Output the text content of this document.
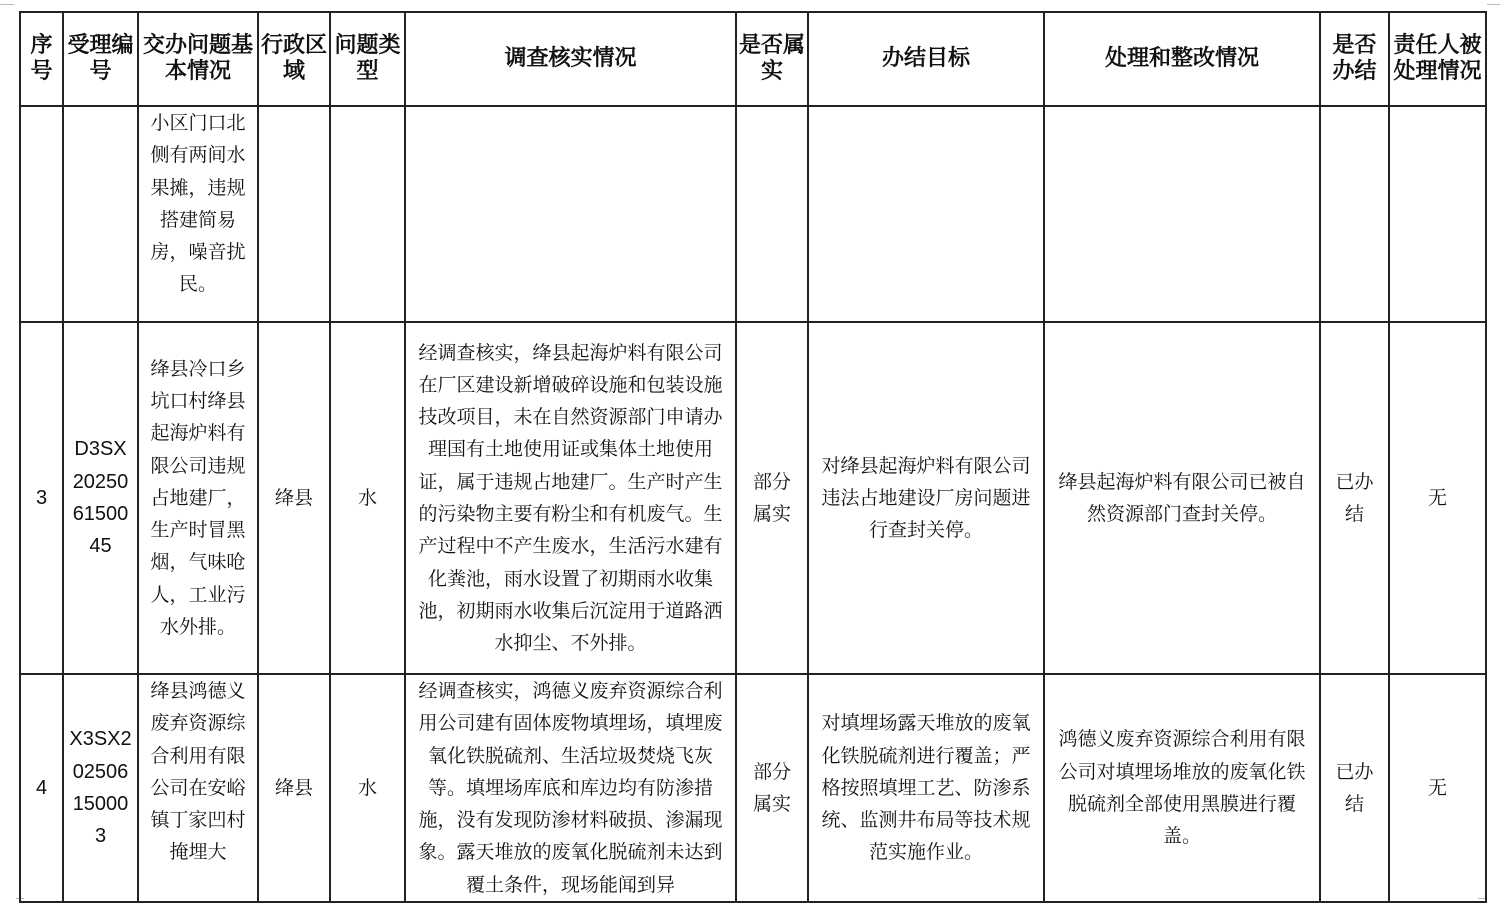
序号	受理编号	交办问题基本情况	行政区域	问题类型	调查核实情况	是否属实	办结目标	处理和整改情况	是否办结	责任人被处理情况
		小区门口北侧有两间水果摊，违规搭建简易房，噪音扰民。								
3	D3SX202506150045	绛县冷口乡坑口村绛县起海炉料有限公司违规占地建厂，生产时冒黑烟，气味呛人，工业污水外排。	绛县	水	经调查核实，绛县起海炉料有限公司在厂区建设新增破碎设施和包装设施技改项目，未在自然资源部门申请办理国有土地使用证或集体土地使用证，属于违规占地建厂。生产时产生的污染物主要有粉尘和有机废气。生产过程中不产生废水，生活污水建有化粪池，雨水设置了初期雨水收集池，初期雨水收集后沉淀用于道路洒水抑尘、不外排。	部分属实	对绛县起海炉料有限公司违法占地建设厂房问题进行查封关停。	绛县起海炉料有限公司已被自然资源部门查封关停。	已办结	无
4	X3SX202506150003	绛县鸿德义废弃资源综合利用有限公司在安峪镇丁家凹村掩埋大	绛县	水	经调查核实，鸿德义废弃资源综合利用公司建有固体废物填埋场，填埋废氧化铁脱硫剂、生活垃圾焚烧飞灰等。填埋场库底和库边均有防渗措施，没有发现防渗材料破损、渗漏现象。露天堆放的废氧化脱硫剂未达到覆土条件，现场能闻到异	部分属实	对填埋场露天堆放的废氧化铁脱硫剂进行覆盖；严格按照填埋工艺、防渗系统、监测井布局等技术规范实施作业。	鸿德义废弃资源综合利用有限公司对填埋场堆放的废氧化铁脱硫剂全部使用黑膜进行覆盖。	已办结	无
